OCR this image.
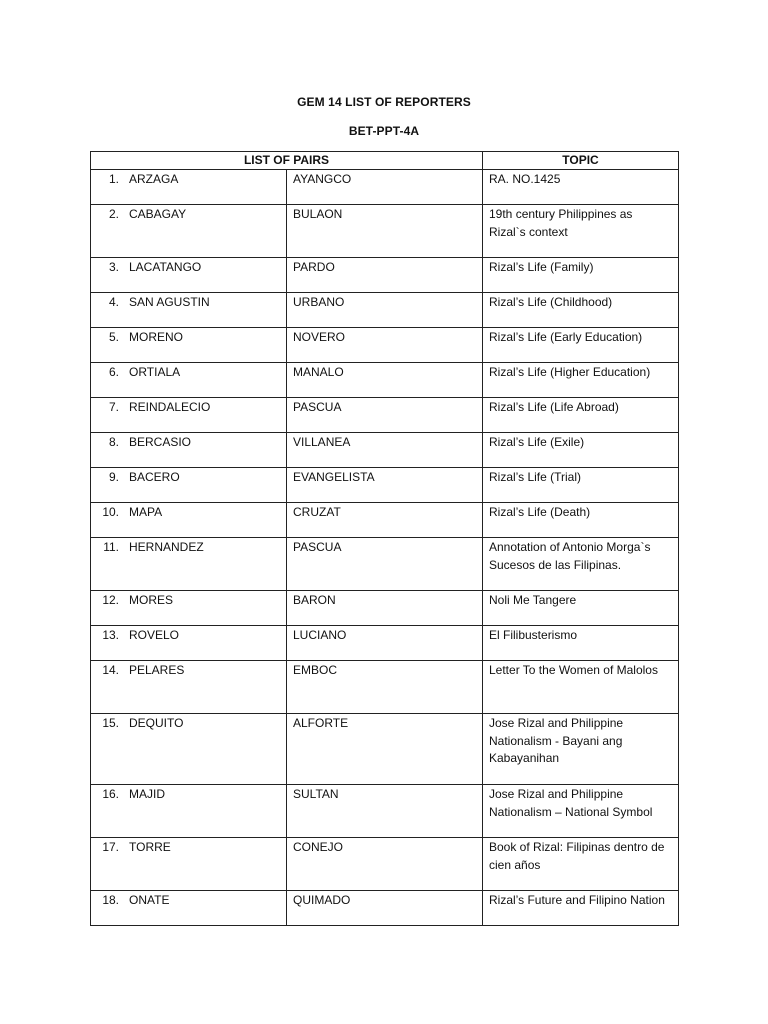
GEM 14 LIST OF REPORTERS
BET-PPT-4A
LIST OF PAIRS		TOPIC
1. ARZAGA	AYANGCO	RA. NO.1425
2. CABAGAY	BULAON	19th century Philippines as Rizal`s context
3. LACATANGO	PARDO	Rizal’s Life (Family)
4. SAN AGUSTIN	URBANO	Rizal’s Life (Childhood)
5. MORENO	NOVERO	Rizal’s Life (Early Education)
6. ORTIALA	MANALO	Rizal’s Life (Higher Education)
7. REINDALECIO	PASCUA	Rizal’s Life (Life Abroad)
8. BERCASIO	VILLANEA	Rizal’s Life (Exile)
9. BACERO	EVANGELISTA	Rizal’s Life (Trial)
10. MAPA	CRUZAT	Rizal’s Life (Death)
11. HERNANDEZ	PASCUA	Annotation of Antonio Morga`s Sucesos de las Filipinas.
12. MORES	BARON	Noli Me Tangere
13. ROVELO	LUCIANO	El Filibusterismo
14. PELARES	EMBOC	Letter To the Women of Malolos
15. DEQUITO	ALFORTE	Jose Rizal and Philippine Nationalism - Bayani ang Kabayanihan
16. MAJID	SULTAN	Jose Rizal and Philippine Nationalism – National Symbol
17. TORRE	CONEJO	Book of Rizal: Filipinas dentro de cien años
18. ONATE	QUIMADO	Rizal’s Future and Filipino Nation
